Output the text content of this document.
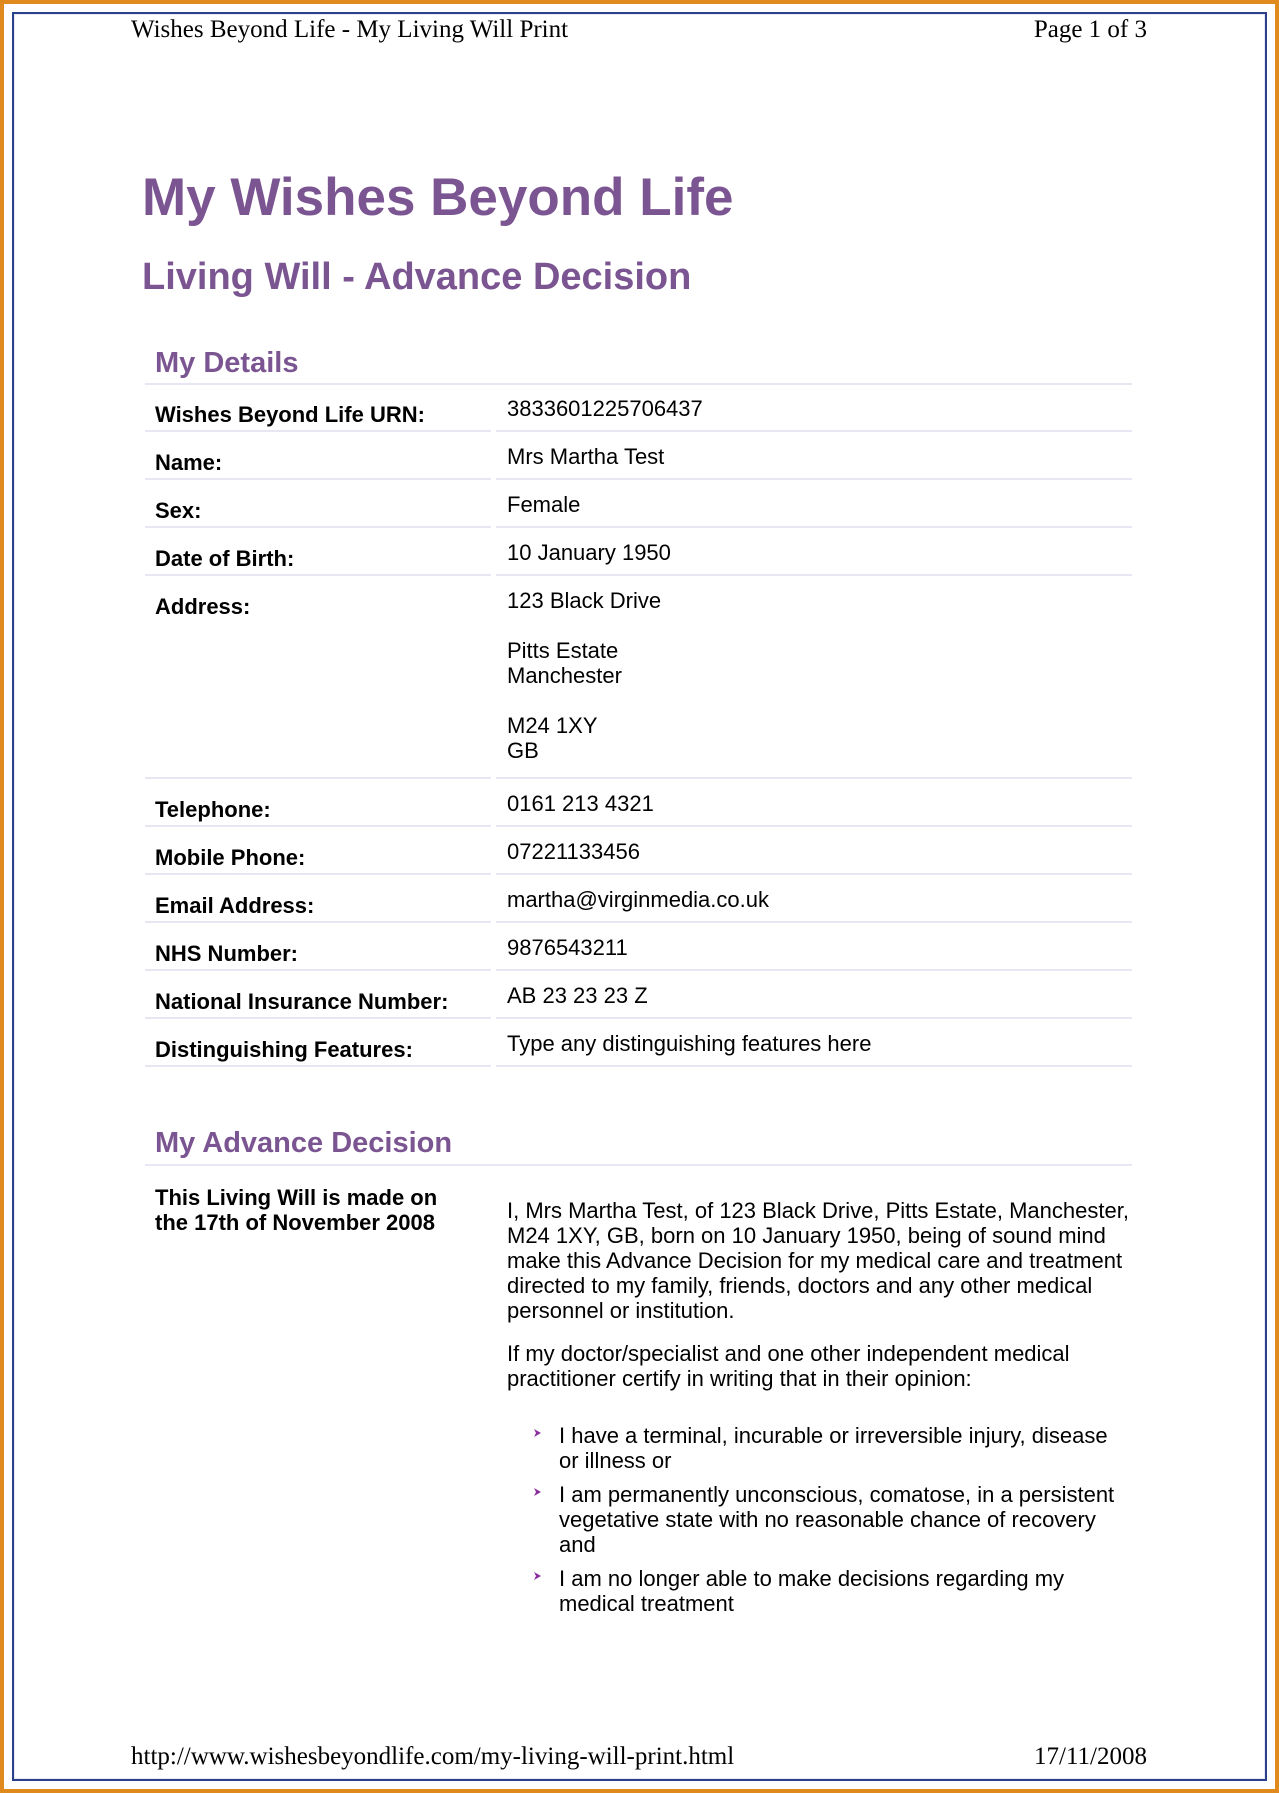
Wishes Beyond Life - My Living Will Print	Page 1 of 3
My Wishes Beyond Life
Living Will - Advance Decision
My Details
Wishes Beyond Life URN:	3833601225706437
Name:	Mrs Martha Test
Sex:	Female
Date of Birth:	10 January 1950
Address:	123 Black Drive
Pitts Estate
Manchester
M24 1XY
GB
Telephone:	0161 213 4321
Mobile Phone:	07221133456
Email Address:	martha@virginmedia.co.uk
NHS Number:	9876543211
National Insurance Number:	AB 23 23 23 Z
Distinguishing Features:	Type any distinguishing features here
My Advance Decision
This Living Will is made on
the 17th of November 2008	I, Mrs Martha Test, of 123 Black Drive, Pitts Estate, Manchester, M24 1XY, GB, born on 10 January 1950, being of sound mind make this Advance Decision for my medical care and treatment directed to my family, friends, doctors and any other medical personnel or institution.

If my doctor/specialist and one other independent medical practitioner certify in writing that in their opinion:

I have a terminal, incurable or irreversible injury, disease or illness or
I am permanently unconscious, comatose, in a persistent vegetative state with no reasonable chance of recovery and
I am no longer able to make decisions regarding my medical treatment
http://www.wishesbeyondlife.com/my-living-will-print.html	17/11/2008
